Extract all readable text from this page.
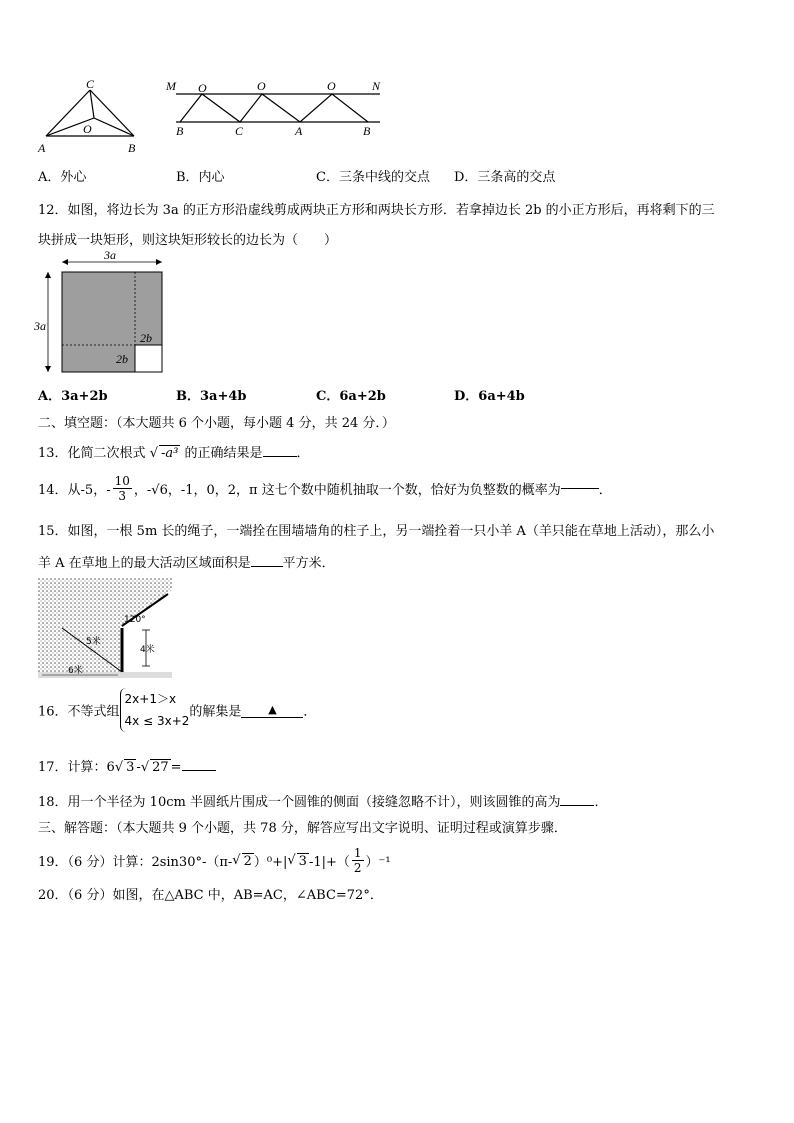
C
O
A	B
M O	O	O	N
B	C	A	B
A．外心	B．内心	C．三条中线的交点 D．三条高的交点
12．如图，将边长为 3a 的正方形沿虚线剪成两块正方形和两块长方形．若拿掉边长 2b 的小正方形后，再将剩下的三
块拼成一块矩形，则这块矩形较长的边长为（　　）
3a
3a
2b
2b
A．3a+2b	B．3a+4b	C．6a+2b	D．6a+4b
二、填空题：（本大题共 6 个小题，每小题 4 分，共 24 分．）
13．化简二次根式 √ -a³ 的正确结果是	．
14．从-5，- $\frac{10}{3}$ ，-√6，-1，0，2，π 这七个数中随机抽取一个数，恰好为负整数的概率为	．
15．如图，一根 5m 长的绳子，一端拴在围墙墙角的柱子上，另一端拴着一只小羊 A（羊只能在草地上活动），那么小
羊 A 在草地上的最大活动区域面积是 平方米．
120°
4米
5米
6米
16．不等式组
2x+1＞x
4x ≤ 3x+2
的解集是 ▲ ．
17．计算：6√ 3 -√ 27 =
18．用一个半径为 10cm 半圆纸片围成一个圆锥的侧面（接缝忽略不计），则该圆锥的高为	．
三、解答题：（本大题共 9 个小题，共 78 分，解答应写出文字说明、证明过程或演算步骤．
19．（6 分）计算：2sin30°-（π-√ 2 ）⁰+|√ 3 $-1|+( \frac{1}{2} )^{-1}$
20．（6 分）如图，在△ABC 中，AB=AC，∠ABC=72°．
